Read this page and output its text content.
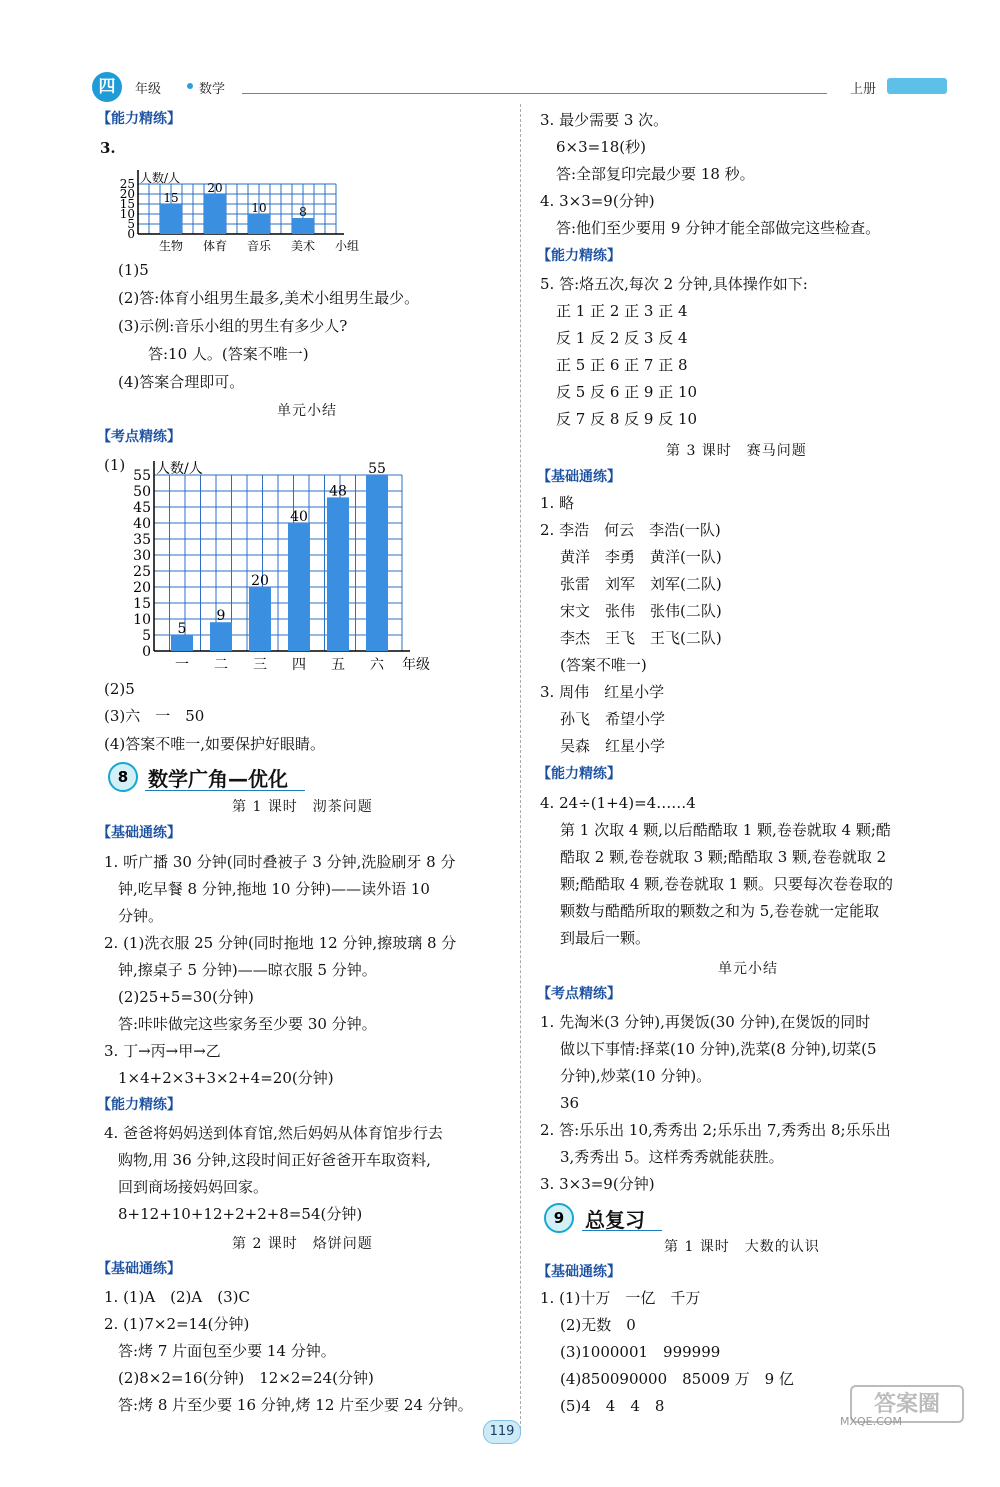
四	年级	数学	上册
【能力精练】
3.
人数/人
25
20
15
10
5
0
15
生物
20
体育
10
音乐
8
美术 小组
(1)5
(2)答:体育小组男生最多,美术小组男生最少。
(3)示例:音乐小组的男生有多少人?
答:10 人。(答案不唯一)
(4)答案合理即可。
单元小结
【考点精练】
(1) 人数/人
55
50
45
40
35
30
25
20
15
10
5
0
5
一
9
二
20
三
40
四
48
五
55
六 年级
(2)5
(3)六　一　50
(4)答案不唯一,如要保护好眼睛。
8 数学广角—优化
第 1 课时　沏茶问题
【基础通练】
1. 听广播 30 分钟(同时叠被子 3 分钟,洗脸刷牙 8 分
钟,吃早餐 8 分钟,拖地 10 分钟)——读外语 10
分钟。
2. (1)洗衣服 25 分钟(同时拖地 12 分钟,擦玻璃 8 分
钟,擦桌子 5 分钟)——晾衣服 5 分钟。
(2)25+5=30(分钟)
答:咔咔做完这些家务至少要 30 分钟。
3. 丁→丙→甲→乙
1×4+2×3+3×2+4=20(分钟)
【能力精练】
4. 爸爸将妈妈送到体育馆,然后妈妈从体育馆步行去
购物,用 36 分钟,这段时间正好爸爸开车取资料,
回到商场接妈妈回家。
8+12+10+12+2+2+8=54(分钟)
第 2 课时　烙饼问题
【基础通练】
1. (1)A　(2)A　(3)C
2. (1)7×2=14(分钟)
答:烤 7 片面包至少要 14 分钟。
(2)8×2=16(分钟)　12×2=24(分钟)
答:烤 8 片至少要 16 分钟,烤 12 片至少要 24 分钟。
3. 最少需要 3 次。
6×3=18(秒)
答:全部复印完最少要 18 秒。
4. 3×3=9(分钟)
答:他们至少要用 9 分钟才能全部做完这些检查。
【能力精练】
5. 答:烙五次,每次 2 分钟,具体操作如下:
正 1 正 2 正 3 正 4
反 1 反 2 反 3 反 4
正 5 正 6 正 7 正 8
反 5 反 6 正 9 正 10
反 7 反 8 反 9 反 10
第 3 课时　赛马问题
【基础通练】
1. 略
2. 李浩　何云　李浩(一队)
黄洋　李勇　黄洋(一队)
张雷　刘军　刘军(二队)
宋文　张伟　张伟(二队)
李杰　王飞　王飞(二队)
(答案不唯一)
3. 周伟　红星小学
孙飞　希望小学
吴森　红星小学
【能力精练】
4. 24÷(1+4)=4……4
第 1 次取 4 颗,以后酷酷取 1 颗,卷卷就取 4 颗;酷
酷取 2 颗,卷卷就取 3 颗;酷酷取 3 颗,卷卷就取 2
颗;酷酷取 4 颗,卷卷就取 1 颗。只要每次卷卷取的
颗数与酷酷所取的颗数之和为 5,卷卷就一定能取
到最后一颗。
单元小结
【考点精练】
1. 先淘米(3 分钟),再煲饭(30 分钟),在煲饭的同时
做以下事情:择菜(10 分钟),洗菜(8 分钟),切菜(5
分钟),炒菜(10 分钟)。
36
2. 答:乐乐出 10,秀秀出 2;乐乐出 7,秀秀出 8;乐乐出
3,秀秀出 5。这样秀秀就能获胜。
3. 3×3=9(分钟)
9	总复习
第 1 课时　大数的认识
【基础通练】
1. (1)十万　一亿　千万
(2)无数　0
(3)1000001　999999
(4)850090000　85009 万　9 亿
(5)4　4　4　8
119
答案圈
MXQE.COM
